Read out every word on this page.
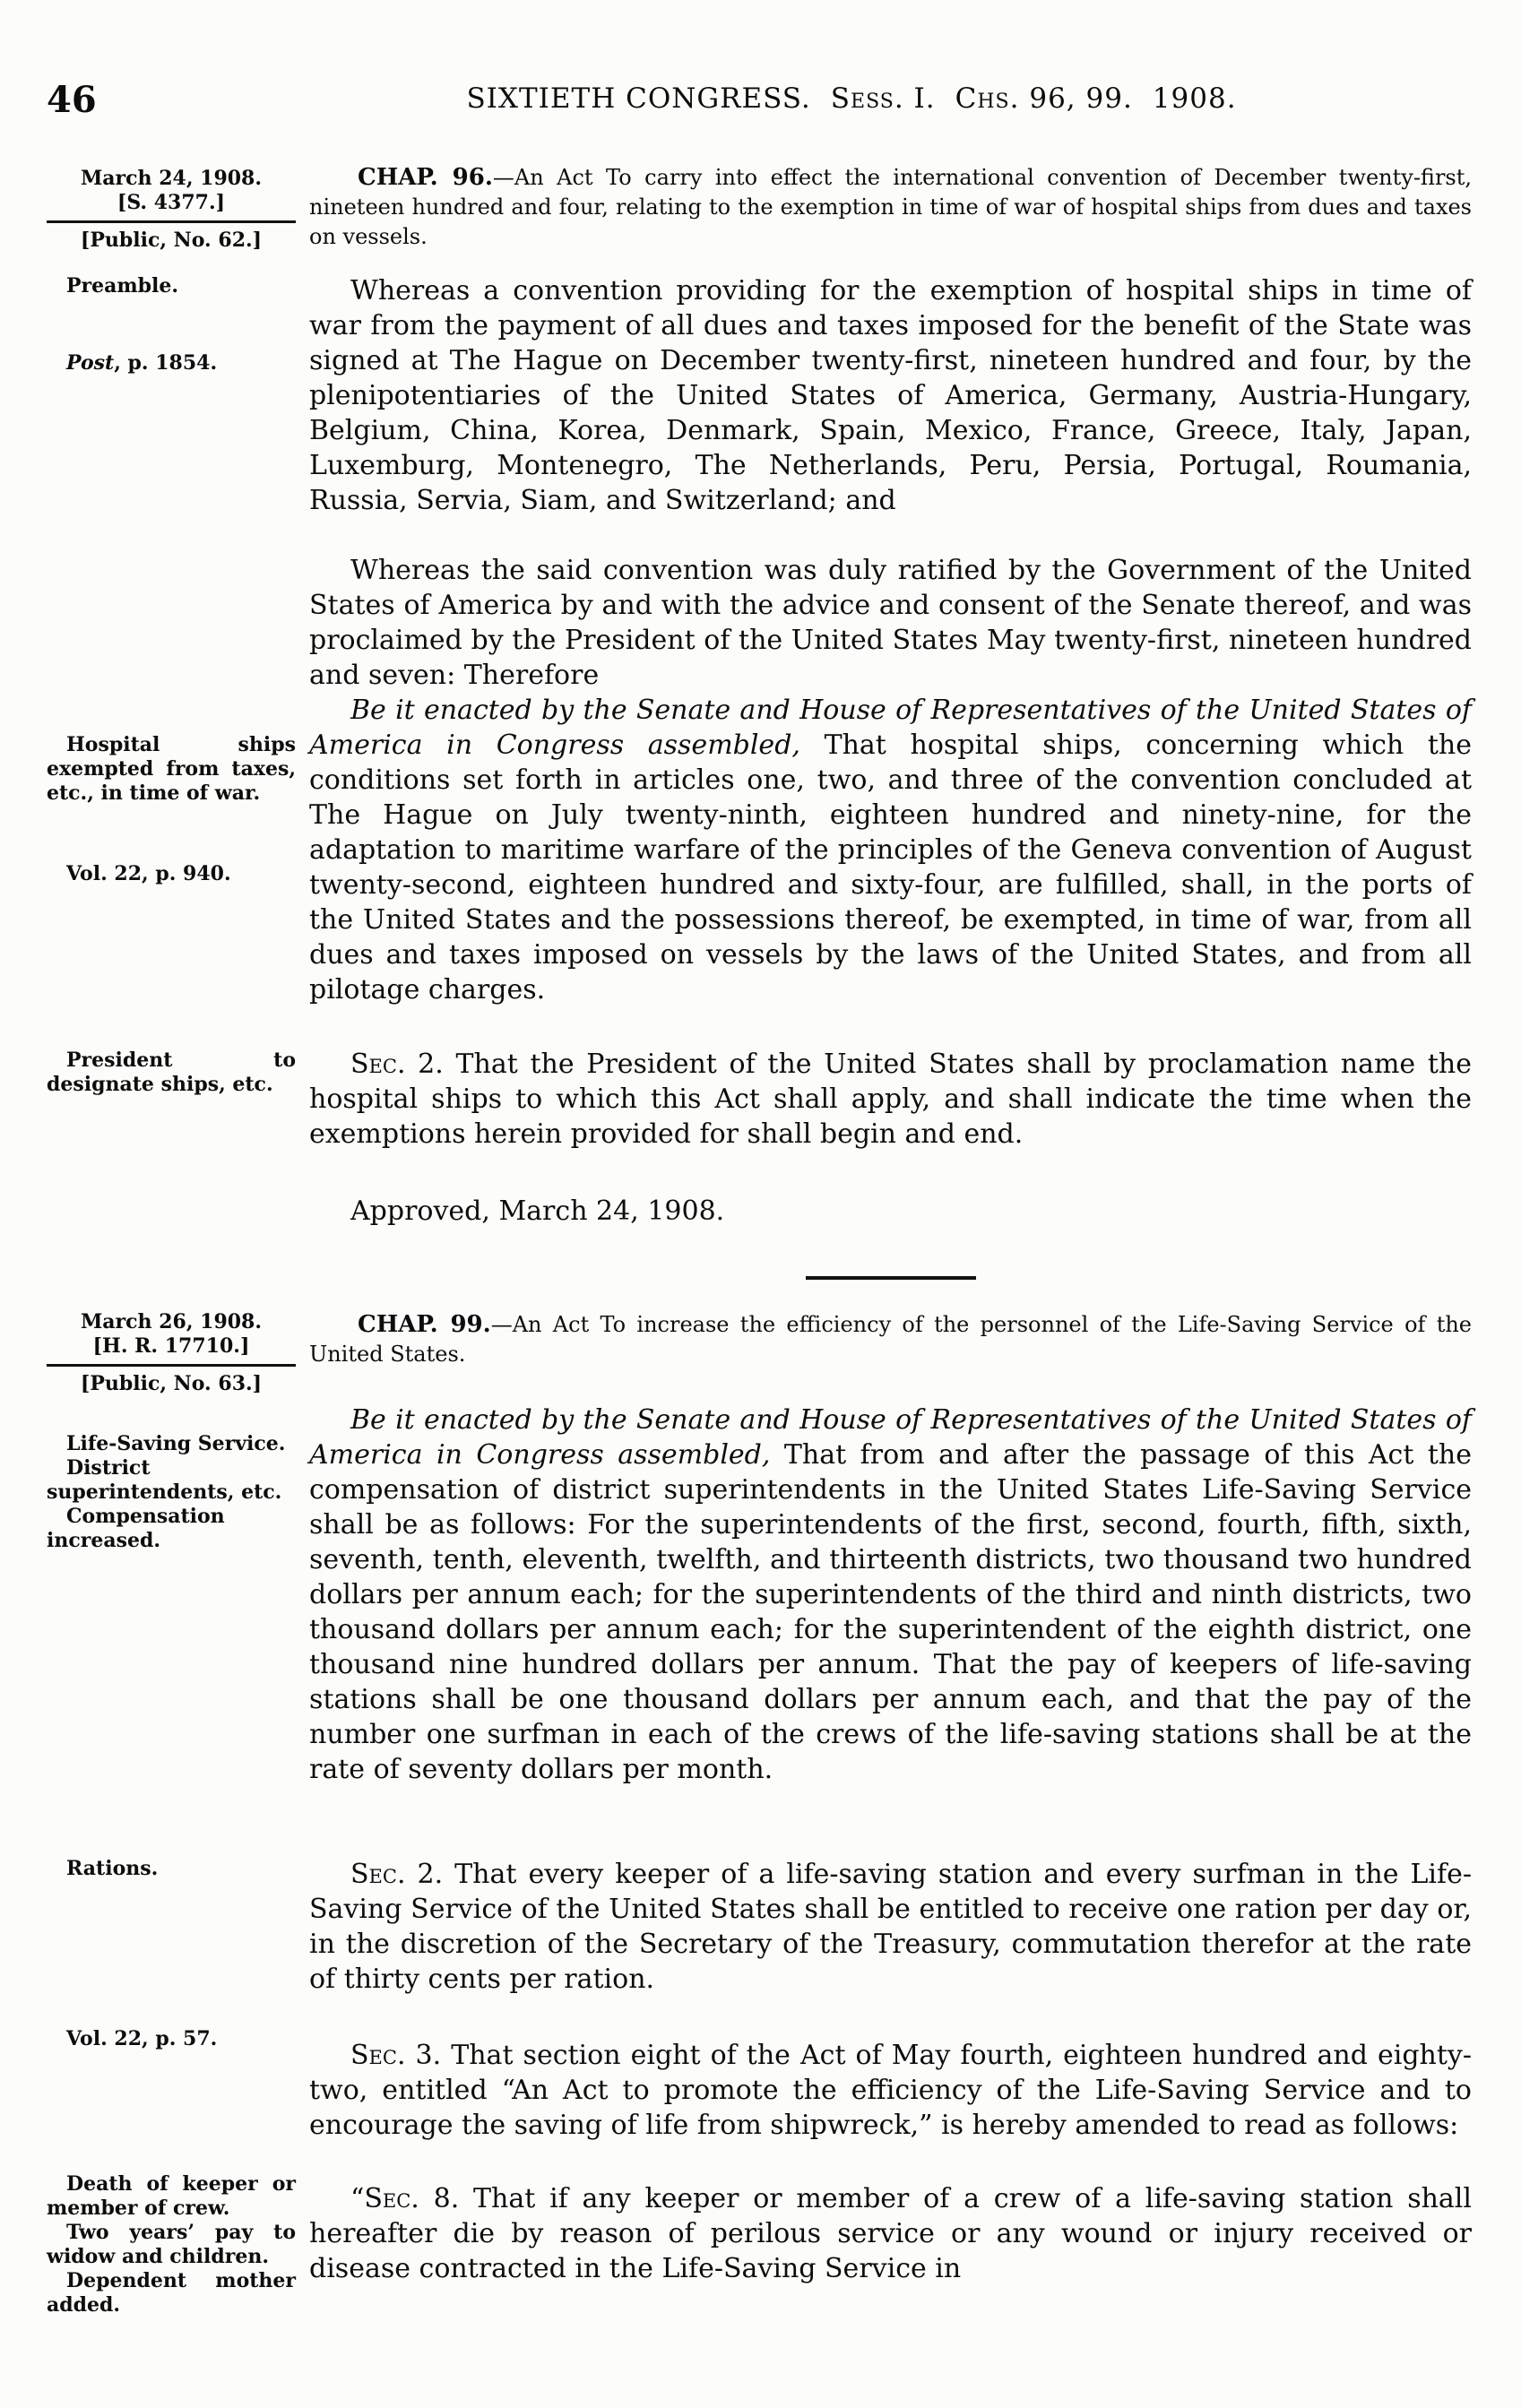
46	SIXTIETH CONGRESS. Sess. I. Chs. 96, 99. 1908.
March 24, 1908.
[S. 4377.]
[Public, No. 62.]

Preamble.

Post, p. 1854.

Hospital ships exempted from taxes, etc., in time of war.

Vol. 22, p. 940.

President to designate ships, etc.

CHAP. 96.—An Act To carry into effect the international convention of December twenty-first, nineteen hundred and four, relating to the exemption in time of war of hospital ships from dues and taxes on vessels.

Whereas a convention providing for the exemption of hospital ships in time of war from the payment of all dues and taxes imposed for the benefit of the State was signed at The Hague on December twenty-first, nineteen hundred and four, by the plenipotentiaries of the United States of America, Germany, Austria-Hungary, Belgium, China, Korea, Denmark, Spain, Mexico, France, Greece, Italy, Japan, Luxemburg, Montenegro, The Netherlands, Peru, Persia, Portugal, Roumania, Russia, Servia, Siam, and Switzerland; and

Whereas the said convention was duly ratified by the Government of the United States of America by and with the advice and consent of the Senate thereof, and was proclaimed by the President of the United States May twenty-first, nineteen hundred and seven: Therefore

Be it enacted by the Senate and House of Representatives of the United States of America in Congress assembled, That hospital ships, concerning which the conditions set forth in articles one, two, and three of the convention concluded at The Hague on July twenty-ninth, eighteen hundred and ninety-nine, for the adaptation to maritime warfare of the principles of the Geneva convention of August twenty-second, eighteen hundred and sixty-four, are fulfilled, shall, in the ports of the United States and the possessions thereof, be exempted, in time of war, from all dues and taxes imposed on vessels by the laws of the United States, and from all pilotage charges.

Sec. 2. That the President of the United States shall by proclamation name the hospital ships to which this Act shall apply, and shall indicate the time when the exemptions herein provided for shall begin and end.

Approved, March 24, 1908.

March 26, 1908.
[H. R. 17710.]
[Public, No. 63.]

Life-Saving Service.

District superintendents, etc.

Compensation increased.

Rations.

Vol. 22, p. 57.

Death of keeper or member of crew.

Two years’ pay to widow and children.

Dependent mother added.

CHAP. 99.—An Act To increase the efficiency of the personnel of the Life-Saving Service of the United States.

Be it enacted by the Senate and House of Representatives of the United States of America in Congress assembled, That from and after the passage of this Act the compensation of district superintendents in the United States Life-Saving Service shall be as follows: For the superintendents of the first, second, fourth, fifth, sixth, seventh, tenth, eleventh, twelfth, and thirteenth districts, two thousand two hundred dollars per annum each; for the superintendents of the third and ninth districts, two thousand dollars per annum each; for the superintendent of the eighth district, one thousand nine hundred dollars per annum. That the pay of keepers of life-saving stations shall be one thousand dollars per annum each, and that the pay of the number one surfman in each of the crews of the life-saving stations shall be at the rate of seventy dollars per month.

Sec. 2. That every keeper of a life-saving station and every surfman in the Life-Saving Service of the United States shall be entitled to receive one ration per day or, in the discretion of the Secretary of the Treasury, commutation therefor at the rate of thirty cents per ration.

Sec. 3. That section eight of the Act of May fourth, eighteen hundred and eighty-two, entitled “An Act to promote the efficiency of the Life-Saving Service and to encourage the saving of life from shipwreck,” is hereby amended to read as follows:

“Sec. 8. That if any keeper or member of a crew of a life-saving station shall hereafter die by reason of perilous service or any wound or injury received or disease contracted in the Life-Saving Service in
